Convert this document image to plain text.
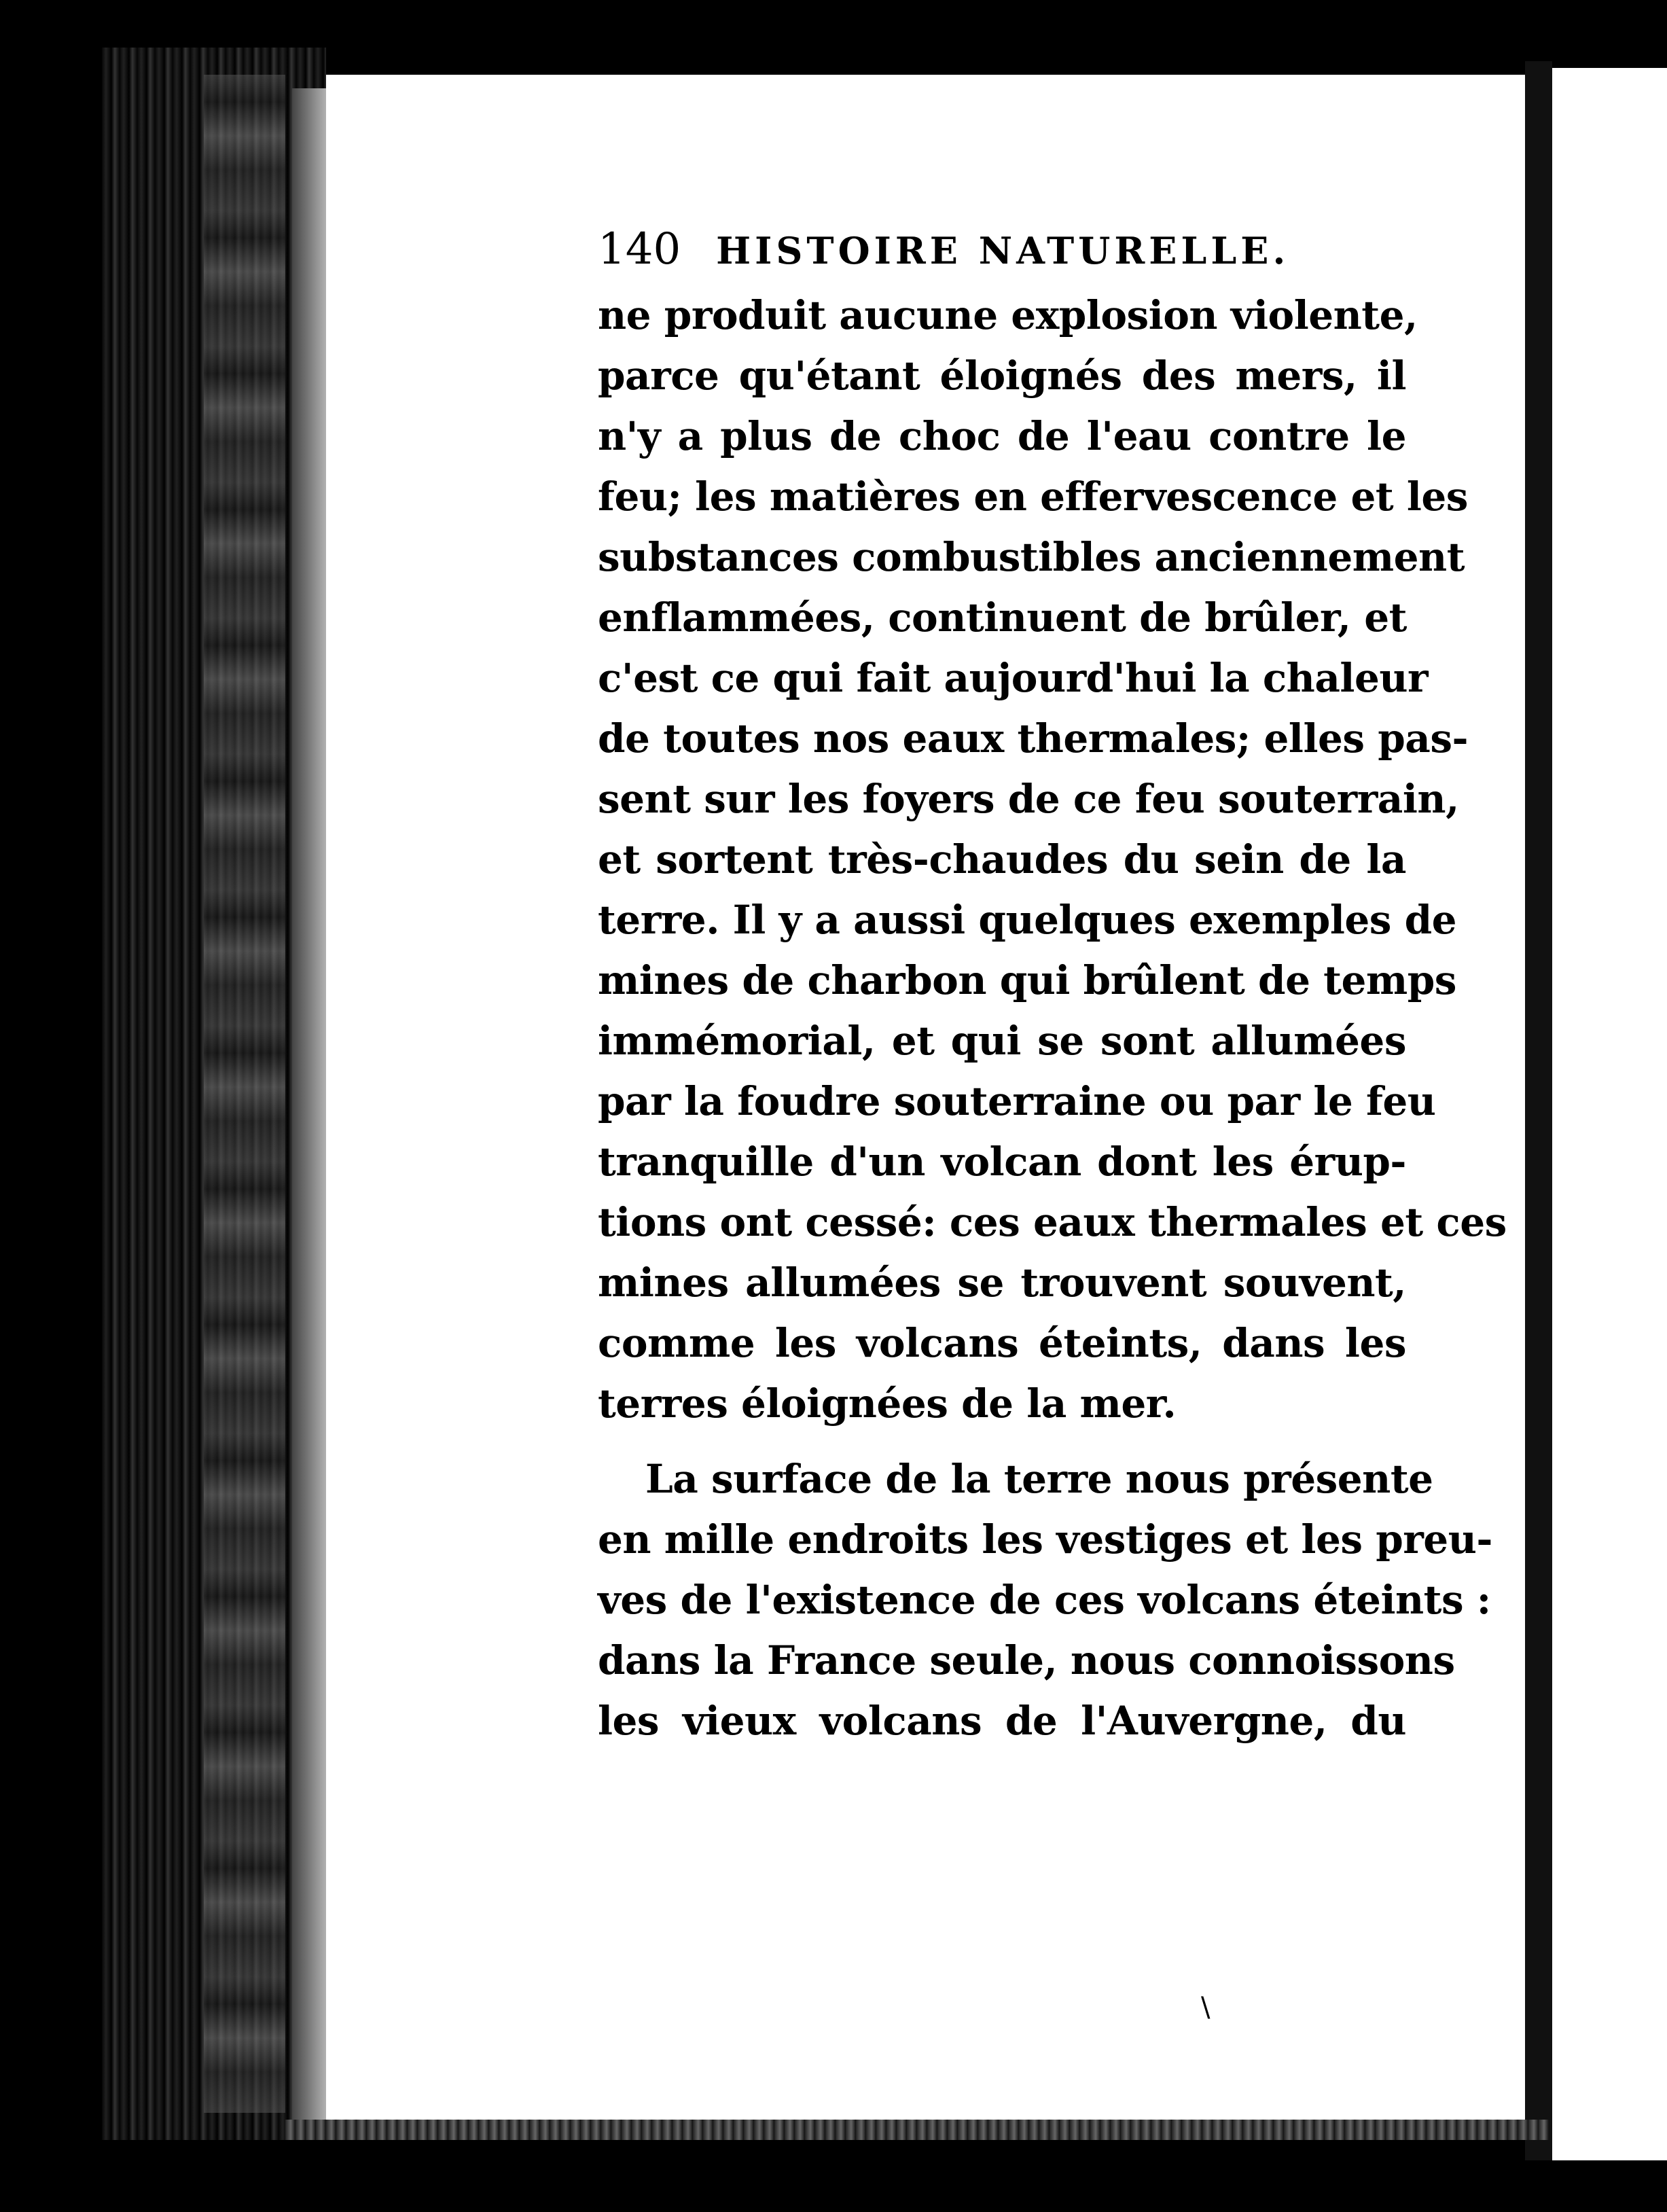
140 HISTOIRE NATURELLE.
ne produit aucune explosion violente,
parce qu'étant éloignés des mers, il
n'y a plus de choc de l'eau contre le
feu; les matières en effervescence et les
substances combustibles anciennement
enflammées, continuent de brûler, et
c'est ce qui fait aujourd'hui la chaleur
de toutes nos eaux thermales; elles pas-
sent sur les foyers de ce feu souterrain,
et sortent très-chaudes du sein de la
terre. Il y a aussi quelques exemples de
mines de charbon qui brûlent de temps
immémorial, et qui se sont allumées
par la foudre souterraine ou par le feu
tranquille d'un volcan dont les érup-
tions ont cessé: ces eaux thermales et ces
mines allumées se trouvent souvent,
comme les volcans éteints, dans les
terres éloignées de la mer.
La surface de la terre nous présente
en mille endroits les vestiges et les preu-
ves de l'existence de ces volcans éteints :
dans la France seule, nous connoissons
les vieux volcans de l'Auvergne, du
\
